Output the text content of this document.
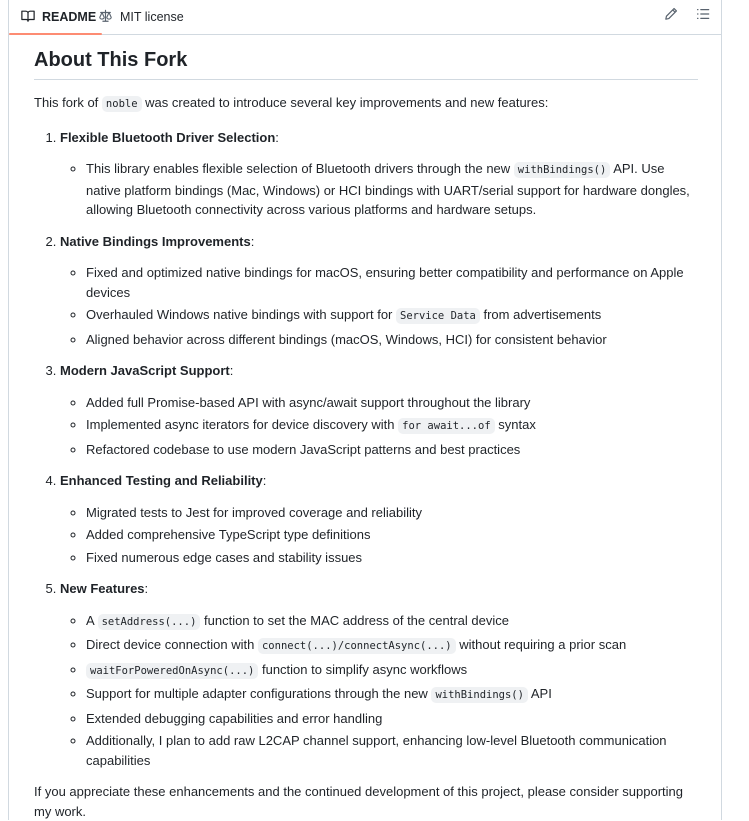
README MIT license
About This Fork

This fork of noble was created to introduce several key improvements and new features:

1. Flexible Bluetooth Driver Selection:
◦ This library enables flexible selection of Bluetooth drivers through the new withBindings() API. Use native platform bindings (Mac, Windows) or HCI bindings with UART/serial support for hardware dongles, allowing Bluetooth connectivity across various platforms and hardware setups.
2. Native Bindings Improvements:
◦ Fixed and optimized native bindings for macOS, ensuring better compatibility and performance on Apple devices
◦ Overhauled Windows native bindings with support for Service Data from advertisements
◦ Aligned behavior across different bindings (macOS, Windows, HCI) for consistent behavior
3. Modern JavaScript Support:
◦ Added full Promise-based API with async/await support throughout the library
◦ Implemented async iterators for device discovery with for await...of syntax
◦ Refactored codebase to use modern JavaScript patterns and best practices
4. Enhanced Testing and Reliability:
◦ Migrated tests to Jest for improved coverage and reliability
◦ Added comprehensive TypeScript type definitions
◦ Fixed numerous edge cases and stability issues
5. New Features:
◦ A setAddress(...) function to set the MAC address of the central device
◦ Direct device connection with connect(...)/connectAsync(...) without requiring a prior scan
◦ waitForPoweredOnAsync(...) function to simplify async workflows
◦ Support for multiple adapter configurations through the new withBindings() API
◦ Extended debugging capabilities and error handling
◦ Additionally, I plan to add raw L2CAP channel support, enhancing low-level Bluetooth communication capabilities

If you appreciate these enhancements and the continued development of this project, please consider supporting my work.
